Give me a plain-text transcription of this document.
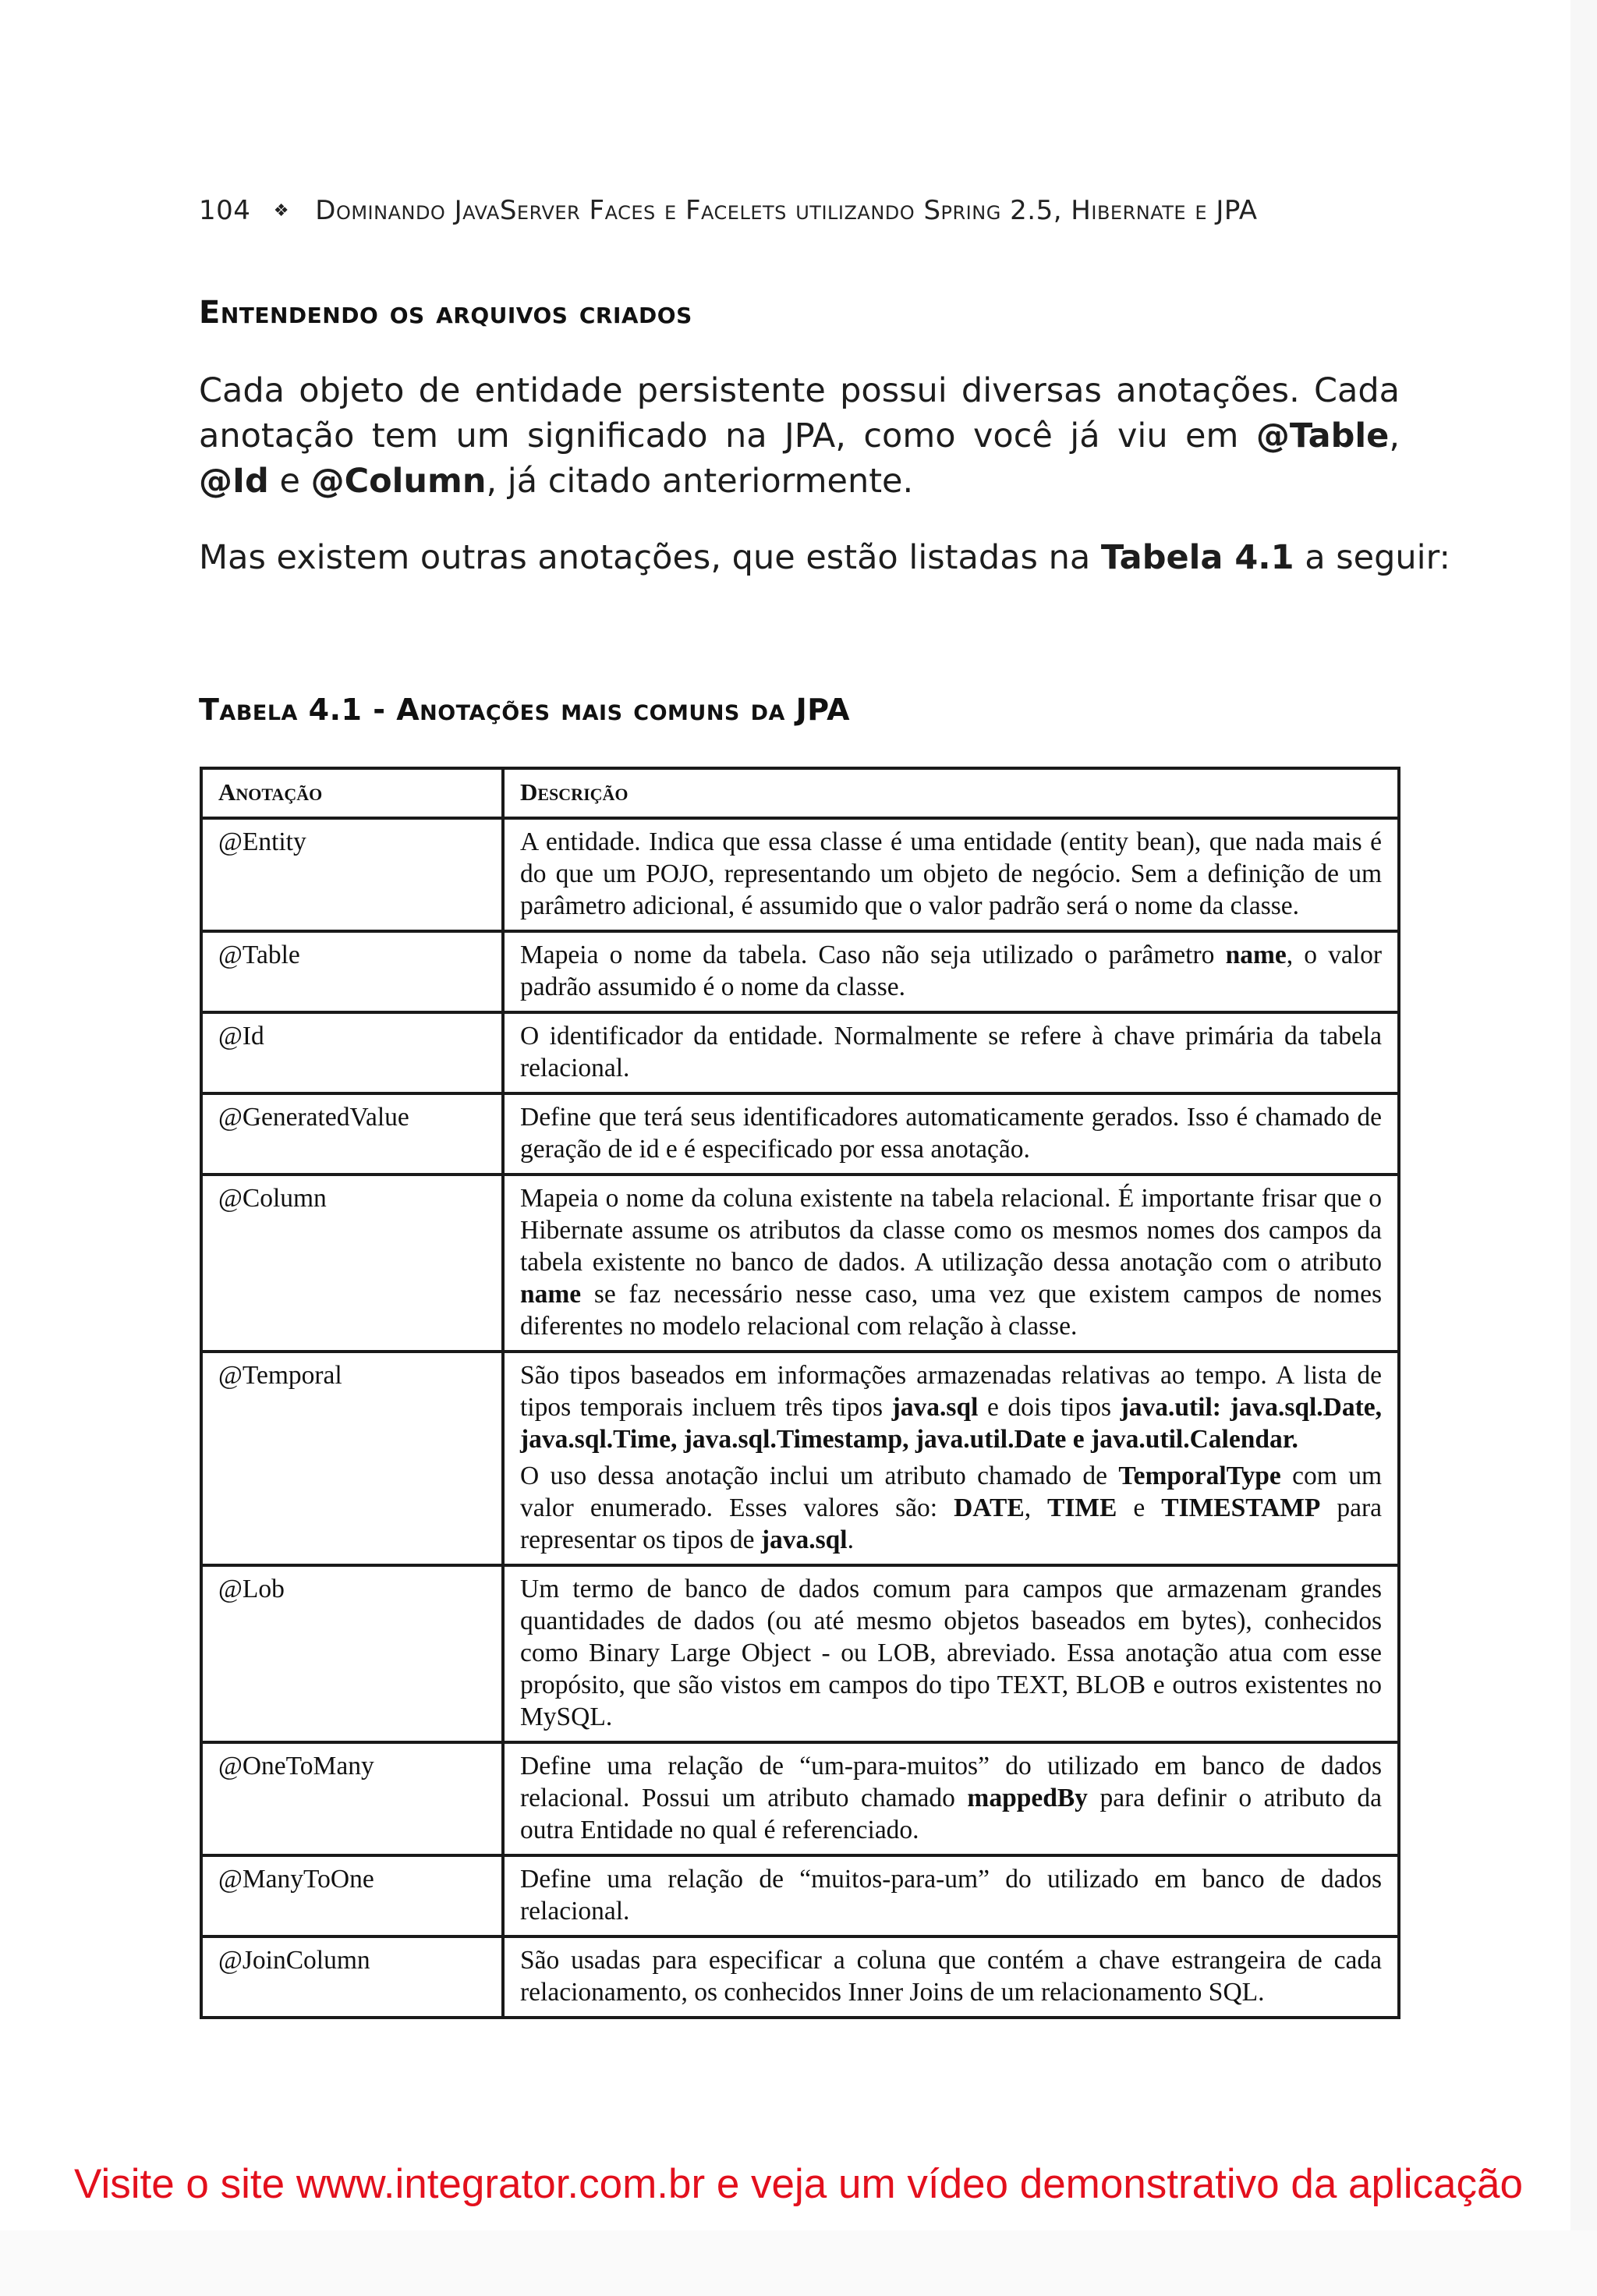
104 ❖ Dominando JavaServer Faces e Facelets utilizando Spring 2.5, Hibernate e JPA
Entendendo os arquivos criados
Cada objeto de entidade persistente possui diversas anotações. Cada anotação tem um significado na JPA, como você já viu em @Table, @Id e @Column, já citado anteriormente.
Mas existem outras anotações, que estão listadas na Tabela 4.1 a seguir:
Tabela 4.1 - Anotações mais comuns da JPA
Anotação	Descrição
@Entity	A entidade. Indica que essa classe é uma entidade (entity bean), que nada mais é do que um POJO, representando um objeto de negócio. Sem a definição de um parâmetro adicional, é assumido que o valor padrão será o nome da classe.
@Table	Mapeia o nome da tabela. Caso não seja utilizado o parâmetro name, o valor padrão assumido é o nome da classe.
@Id	O identificador da entidade. Normalmente se refere à chave primária da tabela relacional.
@GeneratedValue	Define que terá seus identificadores automaticamente gerados. Isso é chamado de geração de id e é especificado por essa anotação.
@Column	Mapeia o nome da coluna existente na tabela relacional. É importante frisar que o Hibernate assume os atributos da classe como os mesmos nomes dos campos da tabela existente no banco de dados. A utilização dessa anotação com o atributo name se faz necessário nesse caso, uma vez que existem campos de nomes diferentes no modelo relacional com relação à classe.
@Temporal	São tipos baseados em informações armazenadas relativas ao tempo. A lista de tipos temporais incluem três tipos java.sql e dois tipos java.util: java.sql.Date, java.sql.Time, java.sql.Timestamp, java.util.Date e java.util.Calendar.

O uso dessa anotação inclui um atributo chamado de TemporalType com um valor enumerado. Esses valores são: DATE, TIME e TIMESTAMP para representar os tipos de java.sql.

@Lob	Um termo de banco de dados comum para campos que armazenam grandes quantidades de dados (ou até mesmo objetos baseados em bytes), conhecidos como Binary Large Object - ou LOB, abreviado. Essa anotação atua com esse propósito, que são vistos em campos do tipo TEXT, BLOB e outros existentes no MySQL.
@OneToMany	Define uma relação de “um-para-muitos” do utilizado em banco de dados relacional. Possui um atributo chamado mappedBy para definir o atributo da outra Entidade no qual é referenciado.
@ManyToOne	Define uma relação de “muitos-para-um” do utilizado em banco de dados relacional.
@JoinColumn	São usadas para especificar a coluna que contém a chave estrangeira de cada relacionamento, os conhecidos Inner Joins de um relacionamento SQL.
Visite o site www.integrator.com.br e veja um vídeo demonstrativo da aplicação
